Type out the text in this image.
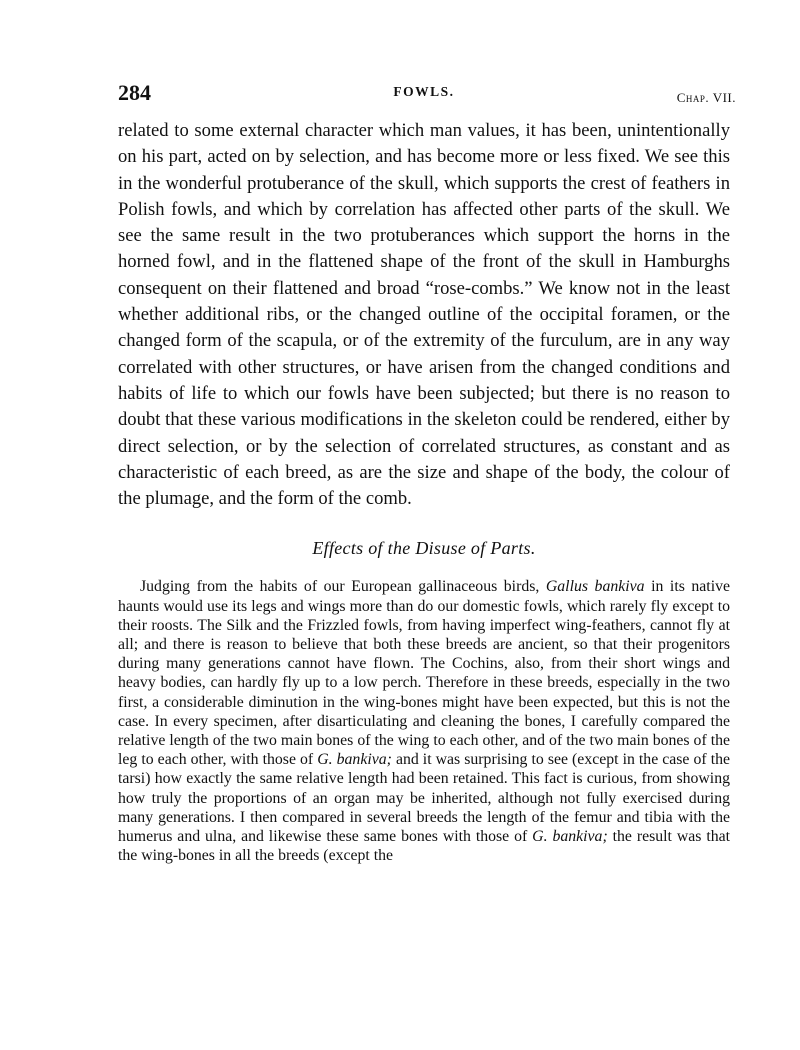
284	FOWLS.	Chap. VII.

related to some external character which man values, it has been, unintentionally on his part, acted on by selection, and has become more or less fixed. We see this in the wonderful protuberance of the skull, which supports the crest of feathers in Polish fowls, and which by correlation has affected other parts of the skull. We see the same result in the two protuberances which support the horns in the horned fowl, and in the flattened shape of the front of the skull in Hamburghs consequent on their flattened and broad “rose-combs.” We know not in the least whether additional ribs, or the changed outline of the occipital foramen, or the changed form of the scapula, or of the extremity of the furculum, are in any way correlated with other structures, or have arisen from the changed conditions and habits of life to which our fowls have been subjected; but there is no reason to doubt that these various modifications in the skeleton could be rendered, either by direct selection, or by the selection of correlated structures, as constant and as characteristic of each breed, as are the size and shape of the body, the colour of the plumage, and the form of the comb.

Effects of the Disuse of Parts.

Judging from the habits of our European gallinaceous birds, Gallus bankiva in its native haunts would use its legs and wings more than do our domestic fowls, which rarely fly except to their roosts. The Silk and the Frizzled fowls, from having imperfect wing-feathers, cannot fly at all; and there is reason to believe that both these breeds are ancient, so that their progenitors during many generations cannot have flown. The Cochins, also, from their short wings and heavy bodies, can hardly fly up to a low perch. Therefore in these breeds, especially in the two first, a considerable diminution in the wing-bones might have been expected, but this is not the case. In every specimen, after disarticulating and cleaning the bones, I carefully compared the relative length of the two main bones of the wing to each other, and of the two main bones of the leg to each other, with those of G. bankiva; and it was surprising to see (except in the case of the tarsi) how exactly the same relative length had been retained. This fact is curious, from showing how truly the proportions of an organ may be inherited, although not fully exercised during many generations. I then compared in several breeds the length of the femur and tibia with the humerus and ulna, and likewise these same bones with those of G. bankiva; the result was that the wing-bones in all the breeds (except the
